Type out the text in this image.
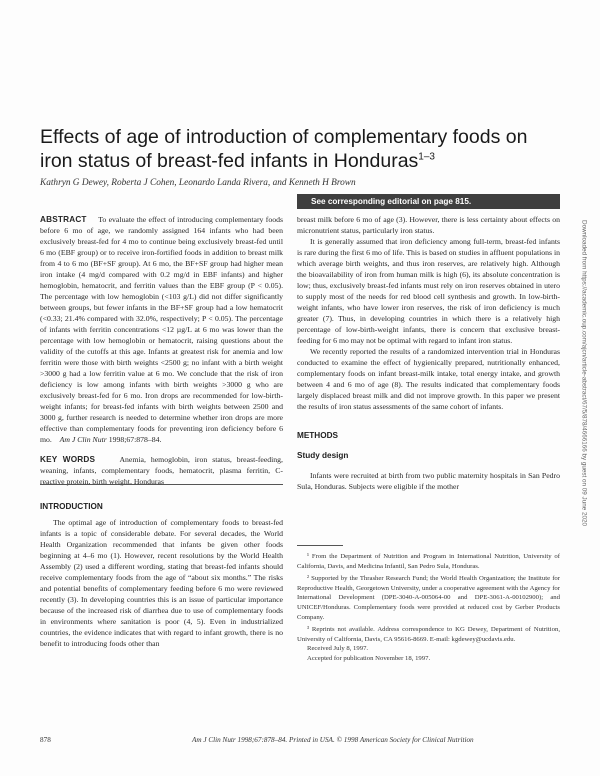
Effects of age of introduction of complementary foods on iron status of breast-fed infants in Honduras$^{1-3}$
Kathryn G Dewey, Roberta J Cohen, Leonardo Landa Rivera, and Kenneth H Brown
See corresponding editorial on page 815.

ABSTRACT To evaluate the effect of introducing complementary foods before 6 mo of age, we randomly assigned 164 infants who had been exclusively breast-fed for 4 mo to continue being exclusively breast-fed until 6 mo (EBF group) or to receive iron-fortified foods in addition to breast milk from 4 to 6 mo (BF+SF group). At 6 mo, the BF+SF group had higher mean iron intake (4 mg/d compared with 0.2 mg/d in EBF infants) and higher hemoglobin, hematocrit, and ferritin values than the EBF group (P < 0.05). The percentage with low hemoglobin (<103 g/L) did not differ significantly between groups, but fewer infants in the BF+SF group had a low hematocrit (<0.33; 21.4% compared with 32.0%, respectively; P < 0.05). The percentage of infants with ferritin concentrations <12 µg/L at 6 mo was lower than the percentage with low hemoglobin or hematocrit, raising questions about the validity of the cutoffs at this age. Infants at greatest risk for anemia and low ferritin were those with birth weights <2500 g; no infant with a birth weight >3000 g had a low ferritin value at 6 mo. We conclude that the risk of iron deficiency is low among infants with birth weights >3000 g who are exclusively breast-fed for 6 mo. Iron drops are recommended for low-birth-weight infants; for breast-fed infants with birth weights between 2500 and 3000 g, further research is needed to determine whether iron drops are more effective than complementary foods for preventing iron deficiency before 6 mo. Am J Clin Nutr 1998;67:878–84.

KEY WORDS	Anemia, hemoglobin, iron status, breast-feeding, weaning, infants, complementary foods, hematocrit, plasma ferritin, C-reactive protein, birth weight, Honduras

INTRODUCTION

The optimal age of introduction of complementary foods to breast-fed infants is a topic of considerable debate. For several decades, the World Health Organization recommended that infants be given other foods beginning at 4–6 mo (1). However, recent resolutions by the World Health Assembly (2) used a different wording, stating that breast-fed infants should receive complementary foods from the age of “about six months.” The risks and potential benefits of complementary feeding before 6 mo were reviewed recently (3). In developing countries this is an issue of particular importance because of the increased risk of diarrhea due to use of complementary foods in environments where sanitation is poor (4, 5). Even in industrialized countries, the evidence indicates that with regard to infant growth, there is no benefit to introducing foods other than

breast milk before 6 mo of age (3). However, there is less certainty about effects on micronutrient status, particularly iron status.

It is generally assumed that iron deficiency among full-term, breast-fed infants is rare during the first 6 mo of life. This is based on studies in affluent populations in which average birth weights, and thus iron reserves, are relatively high. Although the bioavailability of iron from human milk is high (6), its absolute concentration is low; thus, exclusively breast-fed infants must rely on iron reserves obtained in utero to supply most of the needs for red blood cell synthesis and growth. In low-birth-weight infants, who have lower iron reserves, the risk of iron deficiency is much greater (7). Thus, in developing countries in which there is a relatively high percentage of low-birth-weight infants, there is concern that exclusive breast-feeding for 6 mo may not be optimal with regard to infant iron status.

We recently reported the results of a randomized intervention trial in Honduras conducted to examine the effect of hygienically prepared, nutritionally enhanced, complementary foods on infant breast-milk intake, total energy intake, and growth between 4 and 6 mo of age (8). The results indicated that complementary foods largely displaced breast milk and did not improve growth. In this paper we present the results of iron status assessments of the same cohort of infants.

METHODS
Study design

Infants were recruited at birth from two public maternity hospitals in San Pedro Sula, Honduras. Subjects were eligible if the mother

¹ From the Department of Nutrition and Program in International Nutrition, University of California, Davis, and Medicina Infantil, San Pedro Sula, Honduras.

² Supported by the Thrasher Research Fund; the World Health Organization; the Institute for Reproductive Health, Georgetown University, under a cooperative agreement with the Agency for International Development (DPE-3040-A-005064-00 and DPE-3061-A-00102900); and UNICEF/Honduras. Complementary foods were provided at reduced cost by Gerber Products Company.

³ Reprints not available. Address correspondence to KG Dewey, Department of Nutrition, University of California, Davis, CA 95616-8669. E-mail: kgdewey@ucdavis.edu.

Received July 8, 1997.

Accepted for publication November 18, 1997.

878	Am J Clin Nutr 1998;67:878–84. Printed in USA. © 1998 American Society for Clinical Nutrition
Downloaded from https://academic.oup.com/ajcn/article-abstract/67/5/878/4666166 by guest on 09 June 2020
